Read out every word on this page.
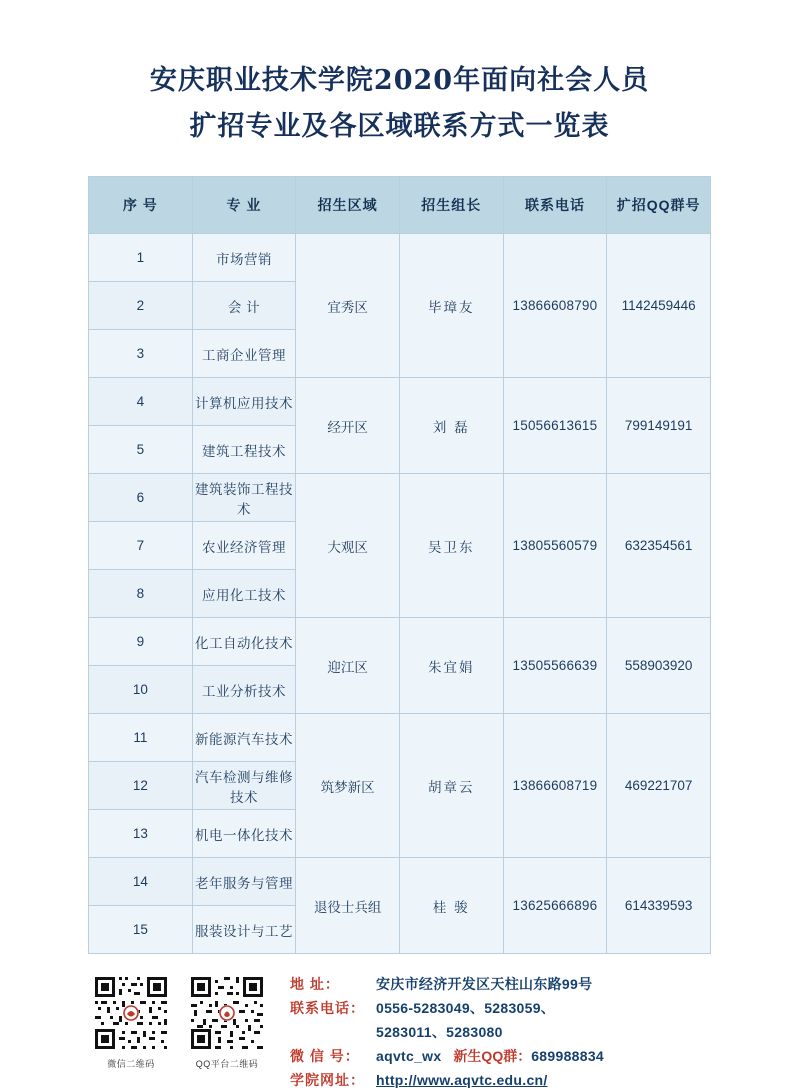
安庆职业技术学院2020年面向社会人员
扩招专业及各区域联系方式一览表
序 号	专 业	招生区域	招生组长	联系电话	扩招QQ群号
1	市场营销	宜秀区	毕璋友	13866608790	1142459446
2	会 计				
3	工商企业管理				
4	计算机应用技术	经开区	刘 磊	15056613615	799149191
5	建筑工程技术				
6	建筑装饰工程技术	大观区	吴卫东	13805560579	632354561
7	农业经济管理				
8	应用化工技术				
9	化工自动化技术	迎江区	朱宜娟	13505566639	558903920
10	工业分析技术				
11	新能源汽车技术	筑梦新区	胡章云	13866608719	469221707
12	汽车检测与维修技术				
13	机电一体化技术				
14	老年服务与管理	退役士兵组	桂 骏	13625666896	614339593
15	服装设计与工艺				
微信二维码	QQ平台二维码
地 址：	安庆市经济开发区天柱山东路99号
联系电话： 0556-5283049、5283059、
5283011、5283080
微 信 号：	aqvtc_wx 新生QQ群： 689988834
学院网址： http://www.aqvtc.edu.cn/
